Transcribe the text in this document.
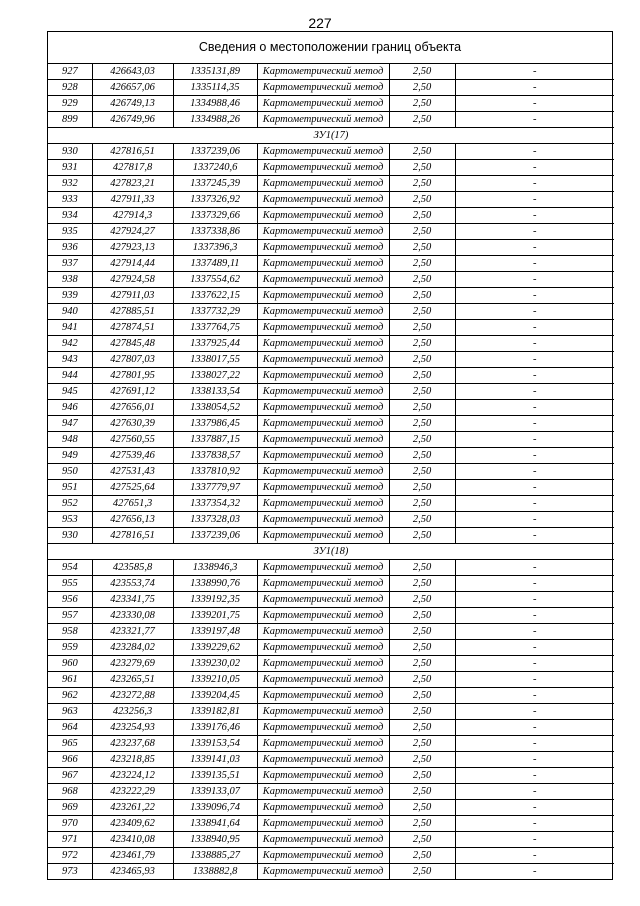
227
Сведения о местоположении границ объекта
927	426643,03	1335131,89	Картометрический метод	2,50	-
928	426657,06	1335114,35	Картометрический метод	2,50	-
929	426749,13	1334988,46	Картометрический метод	2,50	-
899	426749,96	1334988,26	Картометрический метод	2,50	-
ЗУ1(17)					
930	427816,51	1337239,06	Картометрический метод	2,50	-
931	427817,8	1337240,6	Картометрический метод	2,50	-
932	427823,21	1337245,39	Картометрический метод	2,50	-
933	427911,33	1337326,92	Картометрический метод	2,50	-
934	427914,3	1337329,66	Картометрический метод	2,50	-
935	427924,27	1337338,86	Картометрический метод	2,50	-
936	427923,13	1337396,3	Картометрический метод	2,50	-
937	427914,44	1337489,11	Картометрический метод	2,50	-
938	427924,58	1337554,62	Картометрический метод	2,50	-
939	427911,03	1337622,15	Картометрический метод	2,50	-
940	427885,51	1337732,29	Картометрический метод	2,50	-
941	427874,51	1337764,75	Картометрический метод	2,50	-
942	427845,48	1337925,44	Картометрический метод	2,50	-
943	427807,03	1338017,55	Картометрический метод	2,50	-
944	427801,95	1338027,22	Картометрический метод	2,50	-
945	427691,12	1338133,54	Картометрический метод	2,50	-
946	427656,01	1338054,52	Картометрический метод	2,50	-
947	427630,39	1337986,45	Картометрический метод	2,50	-
948	427560,55	1337887,15	Картометрический метод	2,50	-
949	427539,46	1337838,57	Картометрический метод	2,50	-
950	427531,43	1337810,92	Картометрический метод	2,50	-
951	427525,64	1337779,97	Картометрический метод	2,50	-
952	427651,3	1337354,32	Картометрический метод	2,50	-
953	427656,13	1337328,03	Картометрический метод	2,50	-
930	427816,51	1337239,06	Картометрический метод	2,50	-
ЗУ1(18)					
954	423585,8	1338946,3	Картометрический метод	2,50	-
955	423553,74	1338990,76	Картометрический метод	2,50	-
956	423341,75	1339192,35	Картометрический метод	2,50	-
957	423330,08	1339201,75	Картометрический метод	2,50	-
958	423321,77	1339197,48	Картометрический метод	2,50	-
959	423284,02	1339229,62	Картометрический метод	2,50	-
960	423279,69	1339230,02	Картометрический метод	2,50	-
961	423265,51	1339210,05	Картометрический метод	2,50	-
962	423272,88	1339204,45	Картометрический метод	2,50	-
963	423256,3	1339182,81	Картометрический метод	2,50	-
964	423254,93	1339176,46	Картометрический метод	2,50	-
965	423237,68	1339153,54	Картометрический метод	2,50	-
966	423218,85	1339141,03	Картометрический метод	2,50	-
967	423224,12	1339135,51	Картометрический метод	2,50	-
968	423222,29	1339133,07	Картометрический метод	2,50	-
969	423261,22	1339096,74	Картометрический метод	2,50	-
970	423409,62	1338941,64	Картометрический метод	2,50	-
971	423410,08	1338940,95	Картометрический метод	2,50	-
972	423461,79	1338885,27	Картометрический метод	2,50	-
973	423465,93	1338882,8	Картометрический метод	2,50	-
